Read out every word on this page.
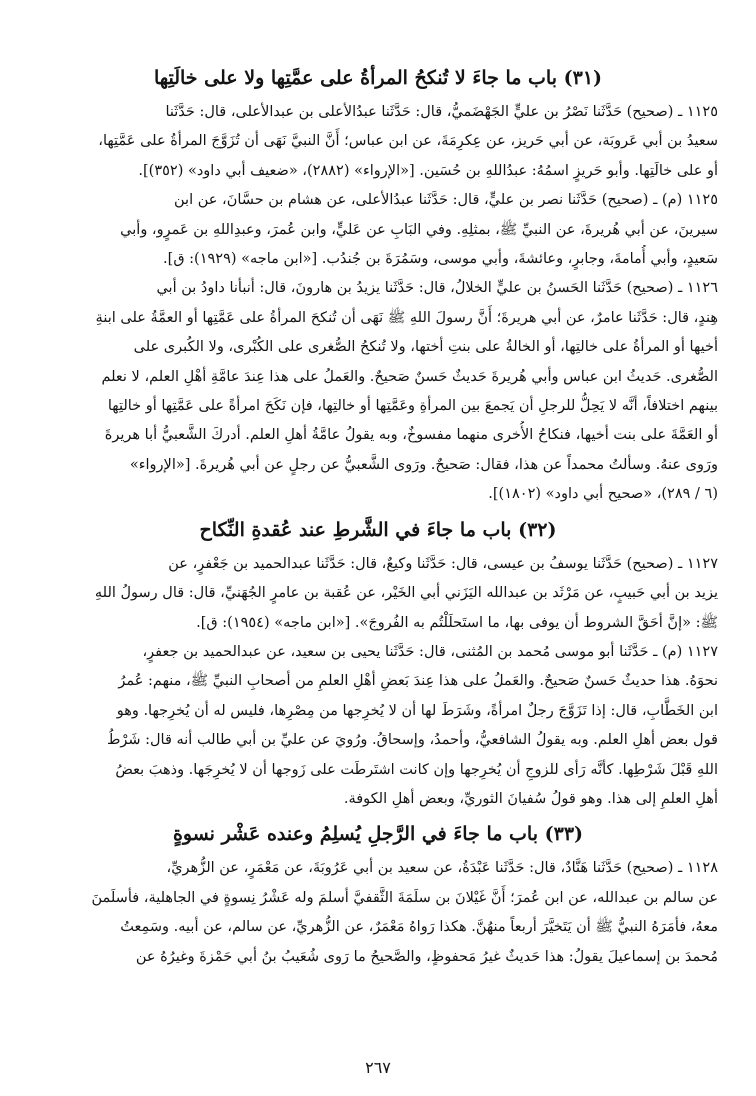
(٣١) باب ما جاءَ لا تُنكحُ المرأةُ على عمَّتِها ولا على خالَتِها
١١٢٥ ـ (صحيح) حَدَّثَنا نَصْرُ بن عليٍّ الجَهْضَميُّ، قال: حَدَّثَنا عبدُالأعلى بن عبدالأعلى، قال: حَدَّثَنا
سعيدُ بن أبي عَروبَة، عن أبي حَريز، عن عِكرِمَةَ، عن ابن عباس؛ أَنَّ النبيَّ نَهَى أن تُزَوَّجَ المرأةُ على عَمَّتِها،
أو على خالَتِها. وأبو حَريزٍ اسمُهُ: عبدُاللهِ بن حُسَين. [«الإرواء» (٢٨٨٢)، «ضعيف أبي داود» (٣٥٢)].
١١٢٥ (م) ـ (صحيح) حَدَّثَنا نصر بن عليٍّ، قال: حَدَّثَنا عبدُالأعلى، عن هشام بن حسَّانَ، عن ابن
سيرينَ، عن أبي هُريرةَ، عن النبيِّ ﷺ، بمثلِهِ. وفي البَابِ عن عَليٍّ، وابن عُمرَ، وعبدِاللهِ بن عَمرٍو، وأبي
سَعيدٍ، وأبي أُمامةَ، وجابرٍ، وعائشةَ، وأبي موسى، وسَمُرَةَ بن جُندُب. [«ابن ماجه» (١٩٢٩): ق].
١١٢٦ ـ (صحيح) حَدَّثَنا الحَسنُ بن عليٍّ الخلالُ، قال: حَدَّثَنا يزيدُ بن هارونَ، قال: أنبأنا داودُ بن أبي
هِندٍ، قال: حَدَّثَنا عامرٌ، عن أبي هريرةَ؛ أَنَّ رسولَ اللهِ ﷺ نَهَى أن تُنكحَ المرأةُ على عَمَّتِها أو العمَّةُ على ابنةِ
أخيها أو المرأةُ على خالتِها، أو الخالةُ على بنتِ أختها، ولا تُنكحُ الصُّغرى على الكُبْرى، ولا الكُبرى على
الصُّغرى. حَديثُ ابن عباس وأبي هُريرةَ حَديثٌ حَسنٌ صَحيحٌ. والعَملُ على هذا عِندَ عامَّةِ أهْلِ العلم، لا نعلم
بينهم اختلافاً، أنَّه لا يَحِلُّ للرجلِ أن يَجمعَ بين المرأةِ وعَمَّتِها أو خالتِها، فإن نَكَحَ امرأةً على عَمَّتِها أو خالتِها
أو العَمَّةَ على بنت أخيها، فنكاحُ الأُخرى منهما مفسوخٌ، وبه يقولُ عامَّةُ أهلِ العلم. أدركَ الشَّعبيُّ أبا هريرةَ
ورَوى عنهُ. وسألتُ محمداً عن هذا، فقال: صَحيحٌ. ورَوى الشَّعبيُّ عن رجلٍ عن أبي هُريرةَ. [«الإرواء»
(٦ / ٢٨٩)، «صحيح أبي داود» (١٨٠٢)].
(٣٢) باب ما جاءَ في الشَّرطِ عند عُقدةِ النِّكاح
١١٢٧ ـ (صحيح) حَدَّثَنا يوسفُ بن عيسى، قال: حَدَّثَنا وكيعٌ، قال: حَدَّثَنا عبدالحميد بن جَعْفرٍ، عن
يزيد بن أبي حَبيبٍ، عن مَرْثَد بن عبدالله اليَزَني أبي الخَيْر، عن عُقبة بن عامرٍ الجُهَنيِّ، قال: قال رسولُ اللهِ
ﷺ: «إنَّ أحَقَّ الشروط أن يوفى بها، ما استَحلَلْتُم به الفُروجَ». [«ابن ماجه» (١٩٥٤): ق].
١١٢٧ (م) ـ حَدَّثَنا أبو موسى مُحمد بن المُثنى، قال: حَدَّثَنا يحيى بن سعيد، عن عبدالحميد بن جعفرٍ،
نحوَهُ. هذا حديثٌ حَسنٌ صَحيحٌ. والعَملُ على هذا عِندَ بَعضِ أهْلِ العلمِ من أصحابِ النبيِّ ﷺ، منهم: عُمرُ
ابن الخَطَّابِ، قال: إذا تَزَوَّجَ رجلٌ امرأةً، وشَرَطَ لها أن لا يُخرِجها من مِصْرِها، فليس له أن يُخرِجها. وهو
قول بعض أهلِ العلم. وبه يقولُ الشافعيُّ، وأحمدُ، وإسحاقُ. ورُويَ عن عليِّ بن أبي طالب أنه قال: شَرْطُ
اللهِ قَبْلَ شَرْطِها. كأنَّه رَأى للزوجِ أن يُخرِجها وإن كانت اشتَرطَت على زَوجها أن لا يُخرِجَها. وذهبَ بعضُ
أهلِ العلمِ إلى هذا. وهو قولُ سُفيانَ الثوريِّ، وبعض أهلِ الكوفة.
(٣٣) باب ما جاءَ في الرَّجلِ يُسلِمُ وعنده عَشْر نسوةٍ
١١٢٨ ـ (صحيح) حَدَّثَنا هَنَّادٌ، قال: حَدَّثَنا عَبْدَةُ، عن سعيد بن أبي عَرُوبَةَ، عن مَعْمَرٍ، عن الزُّهريِّ،
عن سالم بن عبدالله، عن ابن عُمرَ؛ أَنَّ غَيْلانَ بن سلَمَةَ الثَّقفيَّ أسلمَ وله عَشْرُ نِسوةٍ في الجاهلية، فأسلَمنَ
معهُ، فأمَرَهُ النبيُّ ﷺ أن يَتَخيَّرَ أربعاً منهُنَّ. هكذا رَواهُ مَعْمَرٌ، عن الزُّهريِّ، عن سالم، عن أبيه. وسَمِعتُ
مُحمدَ بن إسماعيلَ يقولُ: هذا حَديثٌ غيرُ مَحفوظٍ، والصَّحيحُ ما رَوى شُعَيبُ بنُ أبي حَمْزةَ وغيرُهُ عن
٢٦٧
